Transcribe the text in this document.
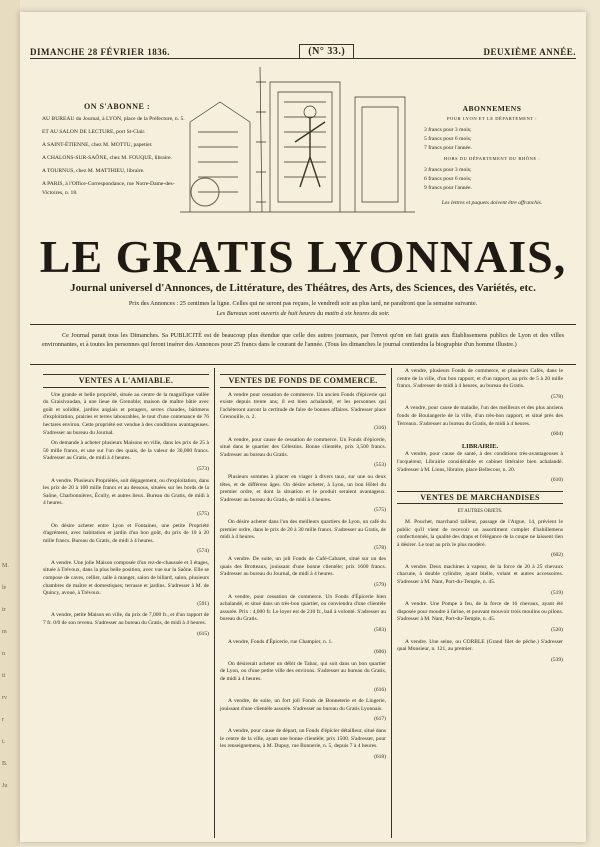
M.
le
tr
m
n
ti
rv
r
t.
B.
Ju
DIMANCHE 28 FÉVRIER 1836.	(N° 33.)	DEUXIÈME ANNÉE.
ON S'ABONNE :

AU BUREAU du Journal, à LYON, place de la Préfecture, n. 5.

ET AU SALON DE LECTURE, port St-Clair.

A SAINT-ÉTIENNE, chez M. MOTTU, papetier.

A CHALONS-SUR-SAÔNE, chez M. FOUQUE, libraire.

A TOURNUS, chez M. MATTHIEU, libraire.

A PARIS, à l'Office-Correspondance, rue Notre-Dame-des-Victoires, n. 18.

ABONNEMENS
POUR LYON ET LE DÉPARTEMENT :

3 francs pour 3 mois;

5 francs pour 6 mois;

7 francs pour l'année.

HORS DU DÉPARTEMENT DU RHÔNE :

3 francs pour 3 mois;

6 francs pour 6 mois;

9 francs pour l'année.

Les lettres et paquets doivent être affranchis.

LE GRATIS LYONNAIS,
Journal universel d'Annonces, de Littérature, des Théâtres, des Arts, des Sciences, des Variétés, etc.
Prix des Annonces : 25 centimes la ligne. Celles qui ne seront pas reçues, le vendredi soir au plus tard, ne paraîtront que la semaine suivante.
Les Bureaux sont ouverts de huit heures du matin à six heures du soir.
Ce Journal parait tous les Dimanches. Sa PUBLICITÉ est de beaucoup plus étendue que celle des autres journaux, par l'envoi qu'on en fait gratis aux Établissemens publics de Lyon et des villes environnantes, et à toutes les personnes qui feront insérer des Annonces pour 25 francs dans le courant de l'année. (Tous les dimanches le journal contiendra la biographie d'un homme illustre.)
VENTES A L'AMIABLE.

Une grande et belle propriété, située au centre de la magnifique vallée du Graisivaudan, à une lieue de Grenoble; maison de maître bâtie avec goût et solidité, jardins anglais et potagers, serres chaudes, bâtimens d'exploitation, prairies et terres labourables, le tout d'une contenance de 76 hectares environ. Cette propriété est vendue à des conditions avantageuses. S'adresser au bureau du Journal.

On demande à acheter plusieurs Maisons en ville, dans les prix de 25 à 50 mille francs, et une sur l'un des quais, de la valeur de 30,000 francs. S'adresser au Gratis, de midi à 4 heures.

(573)

A vendre. Plusieurs Propriétés, soit dégagement, ou d'exploitation, dans les prix de 20 à 100 mille francs et au dessous, situées sur les bords de la Saône, Charbonnières, Écully, et autres lieux. Bureau du Gratis, de midi à 4 heures.

(575)

On désire acheter entre Lyon et Fontaines, une petite Propriété d'agrément, avec habitation et jardin d'un bon goût, du prix de 10 à 20 mille francs. Bureau du Gratis, de midi à 4 heures.

(574)

A vendre. Une jolie Maison composée d'un rez-de-chaussée et 3 étages, située à Trévoux, dans la plus belle position, avec vue sur la Saône. Elle se compose de caves, cellier, salle à manger, salon de billard, salon, plusieurs chambres de maître et domestiques; terrasse et jardins. S'adresser à M. de Quincy, avoué, à Trévoux.

(591)

A vendre, petite Maison en ville, du prix de 7,000 fr., et d'un rapport de 7 fr. 0/0 de son revenu. S'adresser au bureau du Gratis, de midi à 4 heures.

(615)
VENTES DE FONDS DE COMMERCE.

A vendre pour cessation de commerce. Un ancien Fonds d'épicerie qui existe depuis trente ans; il est bien achalandé, et les personnes qui l'achèteront auront la certitude de faire de bonnes affaires. S'adresser place Grenouille, n. 2.

(316)

A vendre, pour cause de cessation de commerce. Un Fonds d'épicerie, situé dans le quartier des Célestins. Bonne clientèle, prix 3,500 francs. S'adresser au bureau du Gratis.

(553)

Plusieurs sommes à placer en viager à divers taux, sur une ou deux têtes, et de différens âges. On désire acheter, à Lyon, un bon Hôtel du premier ordre, et dont la situation et le produit seraient avantageux. S'adresser au bureau du Gratis, de midi à 4 heures.

(575)

On désire acheter dans l'un des meilleurs quartiers de Lyon, un café du premier ordre, dans le prix de 20 à 30 mille francs. S'adresser au Gratis, de midi à 4 heures.

(578)

A vendre. De suite, un joli Fonds de Café-Cabaret, situé sur un des quais des Brotteaux, jouissant d'une bonne clientèle; prix 1600 francs. S'adresser au bureau du Journal, de midi à 4 heures.

(579)

A vendre, pour cessation de commerce. Un Fonds d'Épicerie bien achalandé, et situé dans un très-bon quartier, ou conviendra d'une clientèle assurée. Prix : 4,000 fr. Le loyer est de 210 fr., bail à volonté. S'adresser au bureau du Gratis.

(583)

A vendre, Fonds d'Épicerie, rue Champier, n. 1.

(606)

On désirerait acheter un débit de Tabac, qui soit dans un bon quartier de Lyon, ou d'une petite ville des environs. S'adresser au bureau du Gratis, de midi à 4 heures.

(616)

A vendre, de suite, un fort joli Fonds de Bonneterie et de Lingerie, jouissant d'une clientèle assurée. S'adresser au bureau du Gratis Lyonnais.

(617)

A vendre, pour cause de départ, un Fonds d'épicier détailleur, situé dans le centre de la ville, ayant une bonne clientèle; prix 1500. S'adresser, pour les renseignemens, à M. Dupuy, rue Bonnerie, n. 5, depuis 7 à 4 heures.

(618)

A vendre, plusieurs Fonds de commerce, et plusieurs Cafés, dans le centre de la ville, d'un bon rapport, et d'un rapport, au prix de 5 à 20 mille francs. S'adresser de midi à 4 heures, au bureau du Gratis.

(578)

A vendre, pour cause de maladie, l'un des meilleurs et des plus anciens fonds de Boulangerie de la ville, d'un très-bon rapport, et situé près des Terreaux. S'adresser au bureau du Gratis, de midi à 4 heures.

(604)
LIBRAIRIE.

A vendre, pour cause de santé, à des conditions très-avantageuses à l'acquéreur, Librairie considérable et cabinet littéraire bien achalandé. S'adresser à M. Lions, libraire, place Bellecour, n. 20.

(610)
VENTES DE MARCHANDISES
ET AUTRES OBJETS.

M. Pouchet, marchand tailleur, passage de l'Argue, 14, prévient le public qu'il vient de recevoir un assortiment complet d'habillemens confectionnés, la qualité des draps et l'élégance de la coupe ne laissent rien à désirer. Le tout au prix le plus modéré.

(602)

A vendre. Deux machines à vapeur, de la force de 20 à 25 chevaux chacune, à double cylindre, ayant bielle, volant et autres accessoires. S'adresser à M. Nant, Port-du-Temple, n. 45.

(519)

A vendre. Une Pompe à feu, de la force de 16 chevaux, ayant été disposée pour moudre à farine, et pouvant mouvoir trois moulins ou pilons. S'adresser à M. Nant, Port-du-Temple, n. 45.

(520)

A vendre. Une seine, ou CORBLE (Grand filet de pêche.) S'adresser quai Monsieur, n. 121, au premier.

(539)
